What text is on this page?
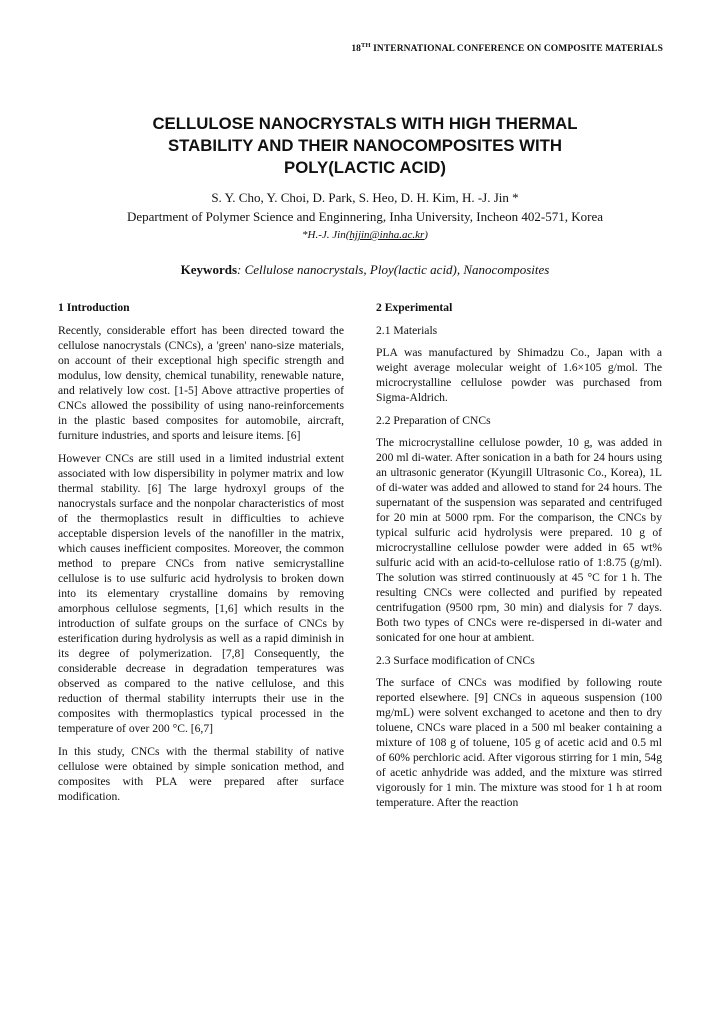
18TH INTERNATIONAL CONFERENCE ON COMPOSITE MATERIALS
CELLULOSE NANOCRYSTALS WITH HIGH THERMAL
STABILITY AND THEIR NANOCOMPOSITES WITH
POLY(LACTIC ACID)
S. Y. Cho, Y. Choi, D. Park, S. Heo, D. H. Kim, H. -J. Jin *
Department of Polymer Science and Enginnering, Inha University, Incheon 402-571, Korea
*H.-J. Jin(hjjin@inha.ac.kr)
Keywords: Cellulose nanocrystals, Ploy(lactic acid), Nanocomposites
1 Introduction

Recently, considerable effort has been directed toward the cellulose nanocrystals (CNCs), a 'green' nano-size materials, on account of their exceptional high specific strength and modulus, low density, chemical tunability, renewable nature, and relatively low cost. [1-5] Above attractive properties of CNCs allowed the possibility of using nano-reinforcements in the plastic based composites for automobile, aircraft, furniture industries, and sports and leisure items. [6]

However CNCs are still used in a limited industrial extent associated with low dispersibility in polymer matrix and low thermal stability. [6] The large hydroxyl groups of the nanocrystals surface and the nonpolar characteristics of most of the thermoplastics result in difficulties to achieve acceptable dispersion levels of the nanofiller in the matrix, which causes inefficient composites. Moreover, the common method to prepare CNCs from native semicrystalline cellulose is to use sulfuric acid hydrolysis to broken down into its elementary crystalline domains by removing amorphous cellulose segments, [1,6] which results in the introduction of sulfate groups on the surface of CNCs by esterification during hydrolysis as well as a rapid diminish in its degree of polymerization. [7,8] Consequently, the considerable decrease in degradation temperatures was observed as compared to the native cellulose, and this reduction of thermal stability interrupts their use in the composites with thermoplastics typical processed in the temperature of over 200 °C. [6,7]

In this study, CNCs with the thermal stability of native cellulose were obtained by simple sonication method, and composites with PLA were prepared after surface modification.

2 Experimental
2.1 Materials

PLA was manufactured by Shimadzu Co., Japan with a weight average molecular weight of 1.6×105 g/mol. The microcrystalline cellulose powder was purchased from Sigma-Aldrich.

2.2 Preparation of CNCs

The microcrystalline cellulose powder, 10 g, was added in 200 ml di-water. After sonication in a bath for 24 hours using an ultrasonic generator (Kyungill Ultrasonic Co., Korea), 1L of di-water was added and allowed to stand for 24 hours. The supernatant of the suspension was separated and centrifuged for 20 min at 5000 rpm. For the comparison, the CNCs by typical sulfuric acid hydrolysis were prepared. 10 g of microcrystalline cellulose powder were added in 65 wt% sulfuric acid with an acid-to-cellulose ratio of 1:8.75 (g/ml). The solution was stirred continuously at 45 °C for 1 h. The resulting CNCs were collected and purified by repeated centrifugation (9500 rpm, 30 min) and dialysis for 7 days. Both two types of CNCs were re-dispersed in di-water and sonicated for one hour at ambient.

2.3 Surface modification of CNCs

The surface of CNCs was modified by following route reported elsewhere. [9] CNCs in aqueous suspension (100 mg/mL) were solvent exchanged to acetone and then to dry toluene, CNCs ware placed in a 500 ml beaker containing a mixture of 108 g of toluene, 105 g of acetic acid and 0.5 ml of 60% perchloric acid. After vigorous stirring for 1 min, 54g of acetic anhydride was added, and the mixture was stirred vigorously for 1 min. The mixture was stood for 1 h at room temperature. After the reaction
